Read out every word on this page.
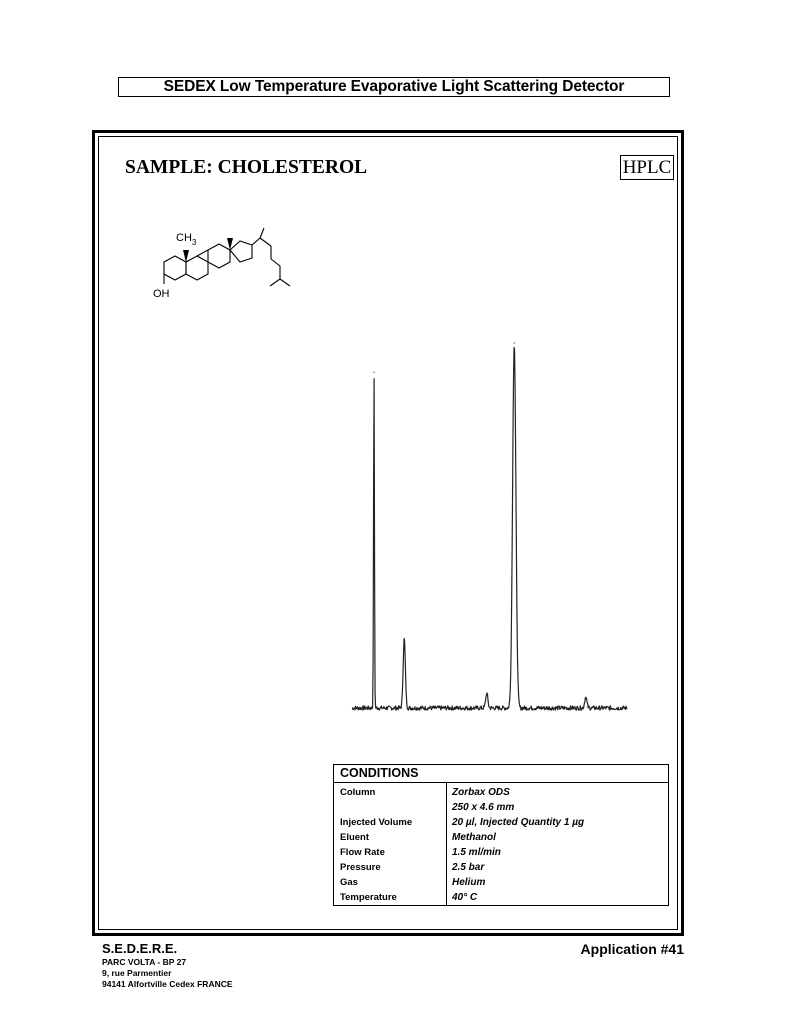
SEDEX Low Temperature Evaporative Light Scattering Detector
SAMPLE: CHOLESTEROL	HPLC
CH 3
OH
CONDITIONS
Column	Zorbax ODS
250 x 4.6 mm
Injected Volume	20 µl, Injected Quantity 1 µg
Eluent	Methanol
Flow Rate	1.5 ml/min
Pressure	2.5 bar
Gas	Helium
Temperature	40° C
S.E.D.E.R.E.
PARC VOLTA - BP 27
9, rue Parmentier
94141 Alfortville Cedex FRANCE
Application #41
